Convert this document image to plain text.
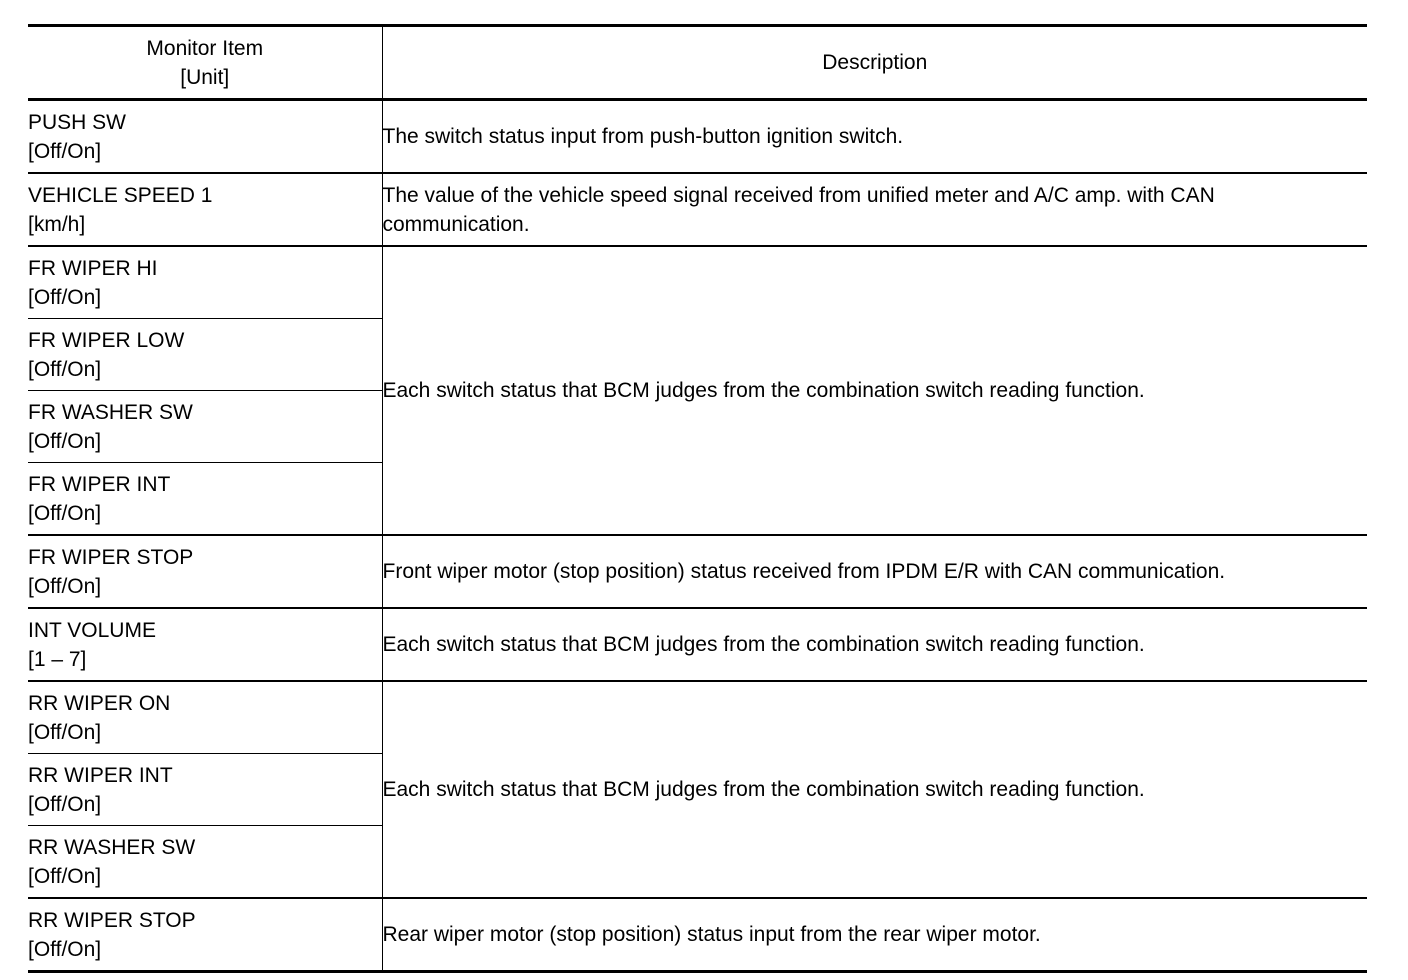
Monitor Item
[Unit]	Description

PUSH SW
[Off/On]	The switch status input from push-button ignition switch.

VEHICLE SPEED 1
[km/h]	The value of the vehicle speed signal received from unified meter and A/C amp. with CAN
communication.

FR WIPER HI
[Off/On]	Each switch status that BCM judges from the combination switch reading function.

FR WIPER LOW
[Off/On]	

FR WASHER SW
[Off/On]	

FR WIPER INT
[Off/On]	

FR WIPER STOP
[Off/On]	Front wiper motor (stop position) status received from IPDM E/R with CAN communication.

INT VOLUME
[1 – 7]	Each switch status that BCM judges from the combination switch reading function.

RR WIPER ON
[Off/On]	Each switch status that BCM judges from the combination switch reading function.

RR WIPER INT
[Off/On]	

RR WASHER SW
[Off/On]	

RR WIPER STOP
[Off/On]	Rear wiper motor (stop position) status input from the rear wiper motor.
